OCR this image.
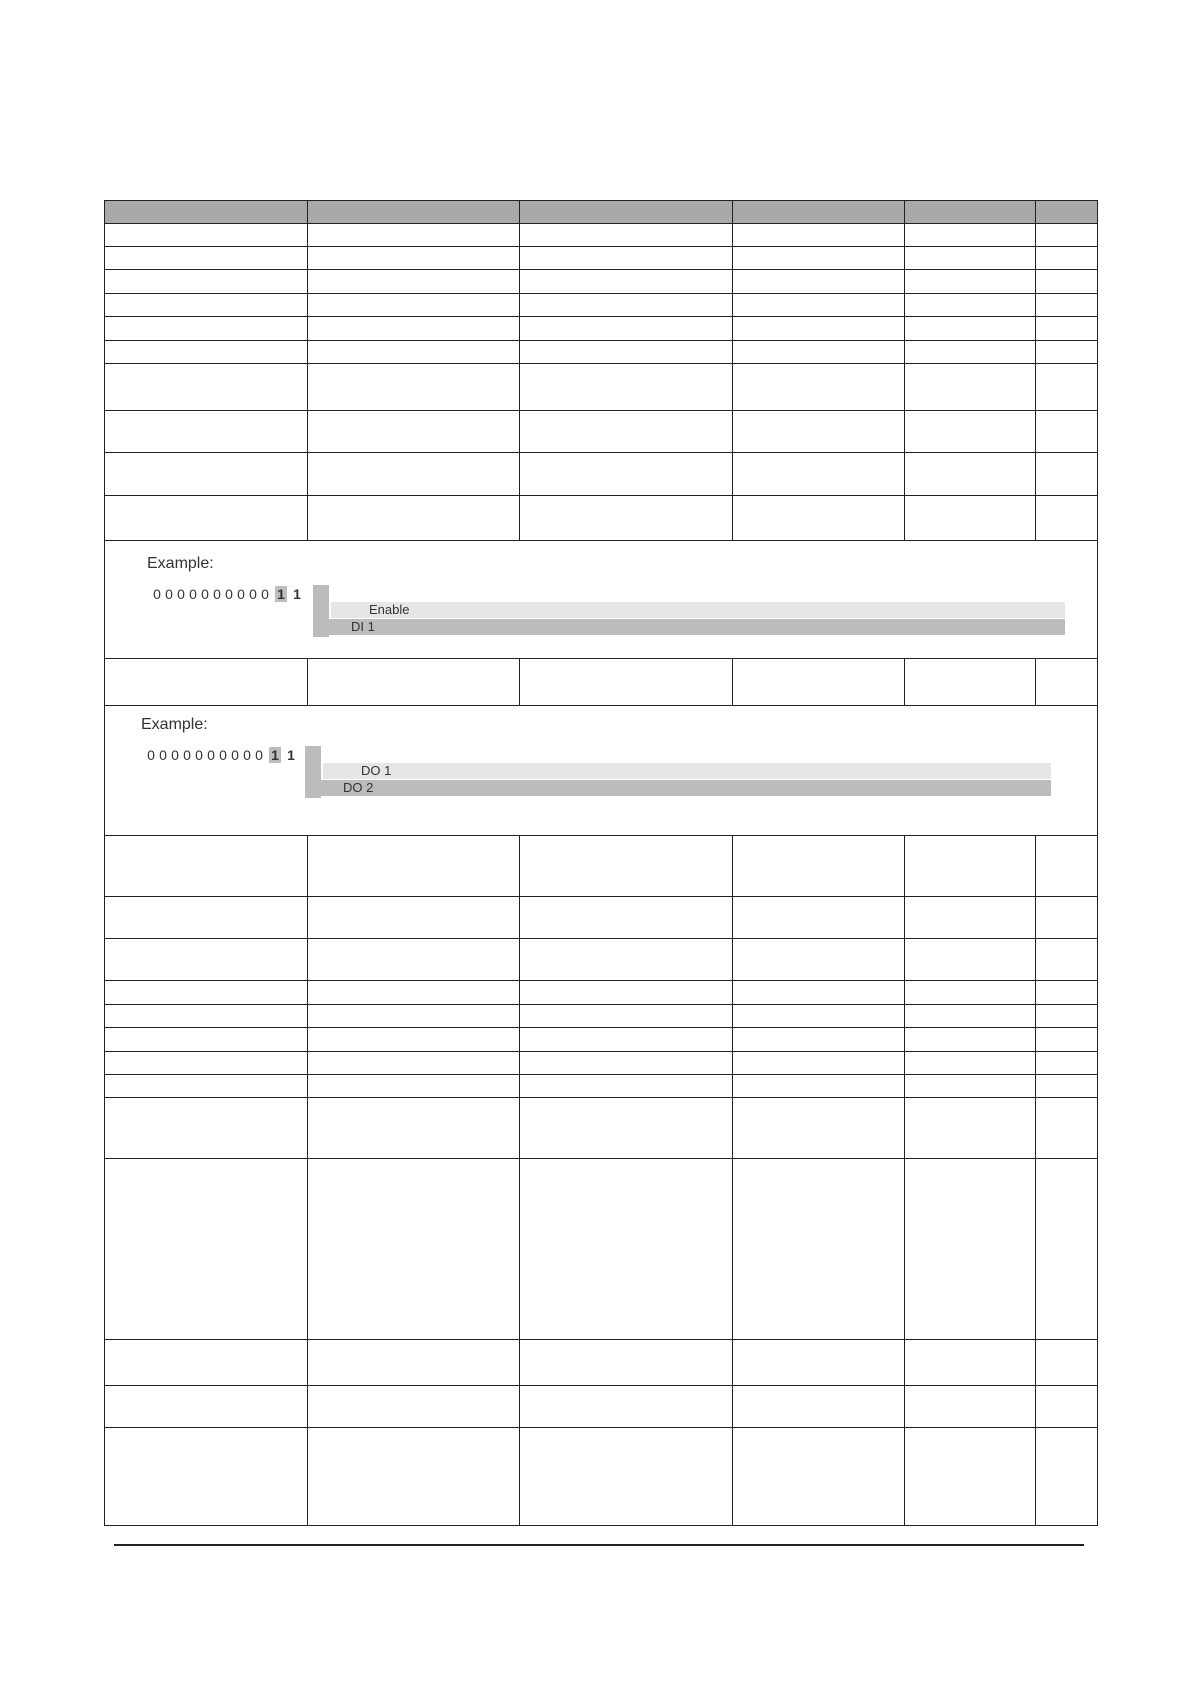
Example:
0 0 0 0 0 0 0 0 0 0 1 1
Enable
DI 1					

Example:
0 0 0 0 0 0 0 0 0 0 1 1
DO 1
DO 2					
